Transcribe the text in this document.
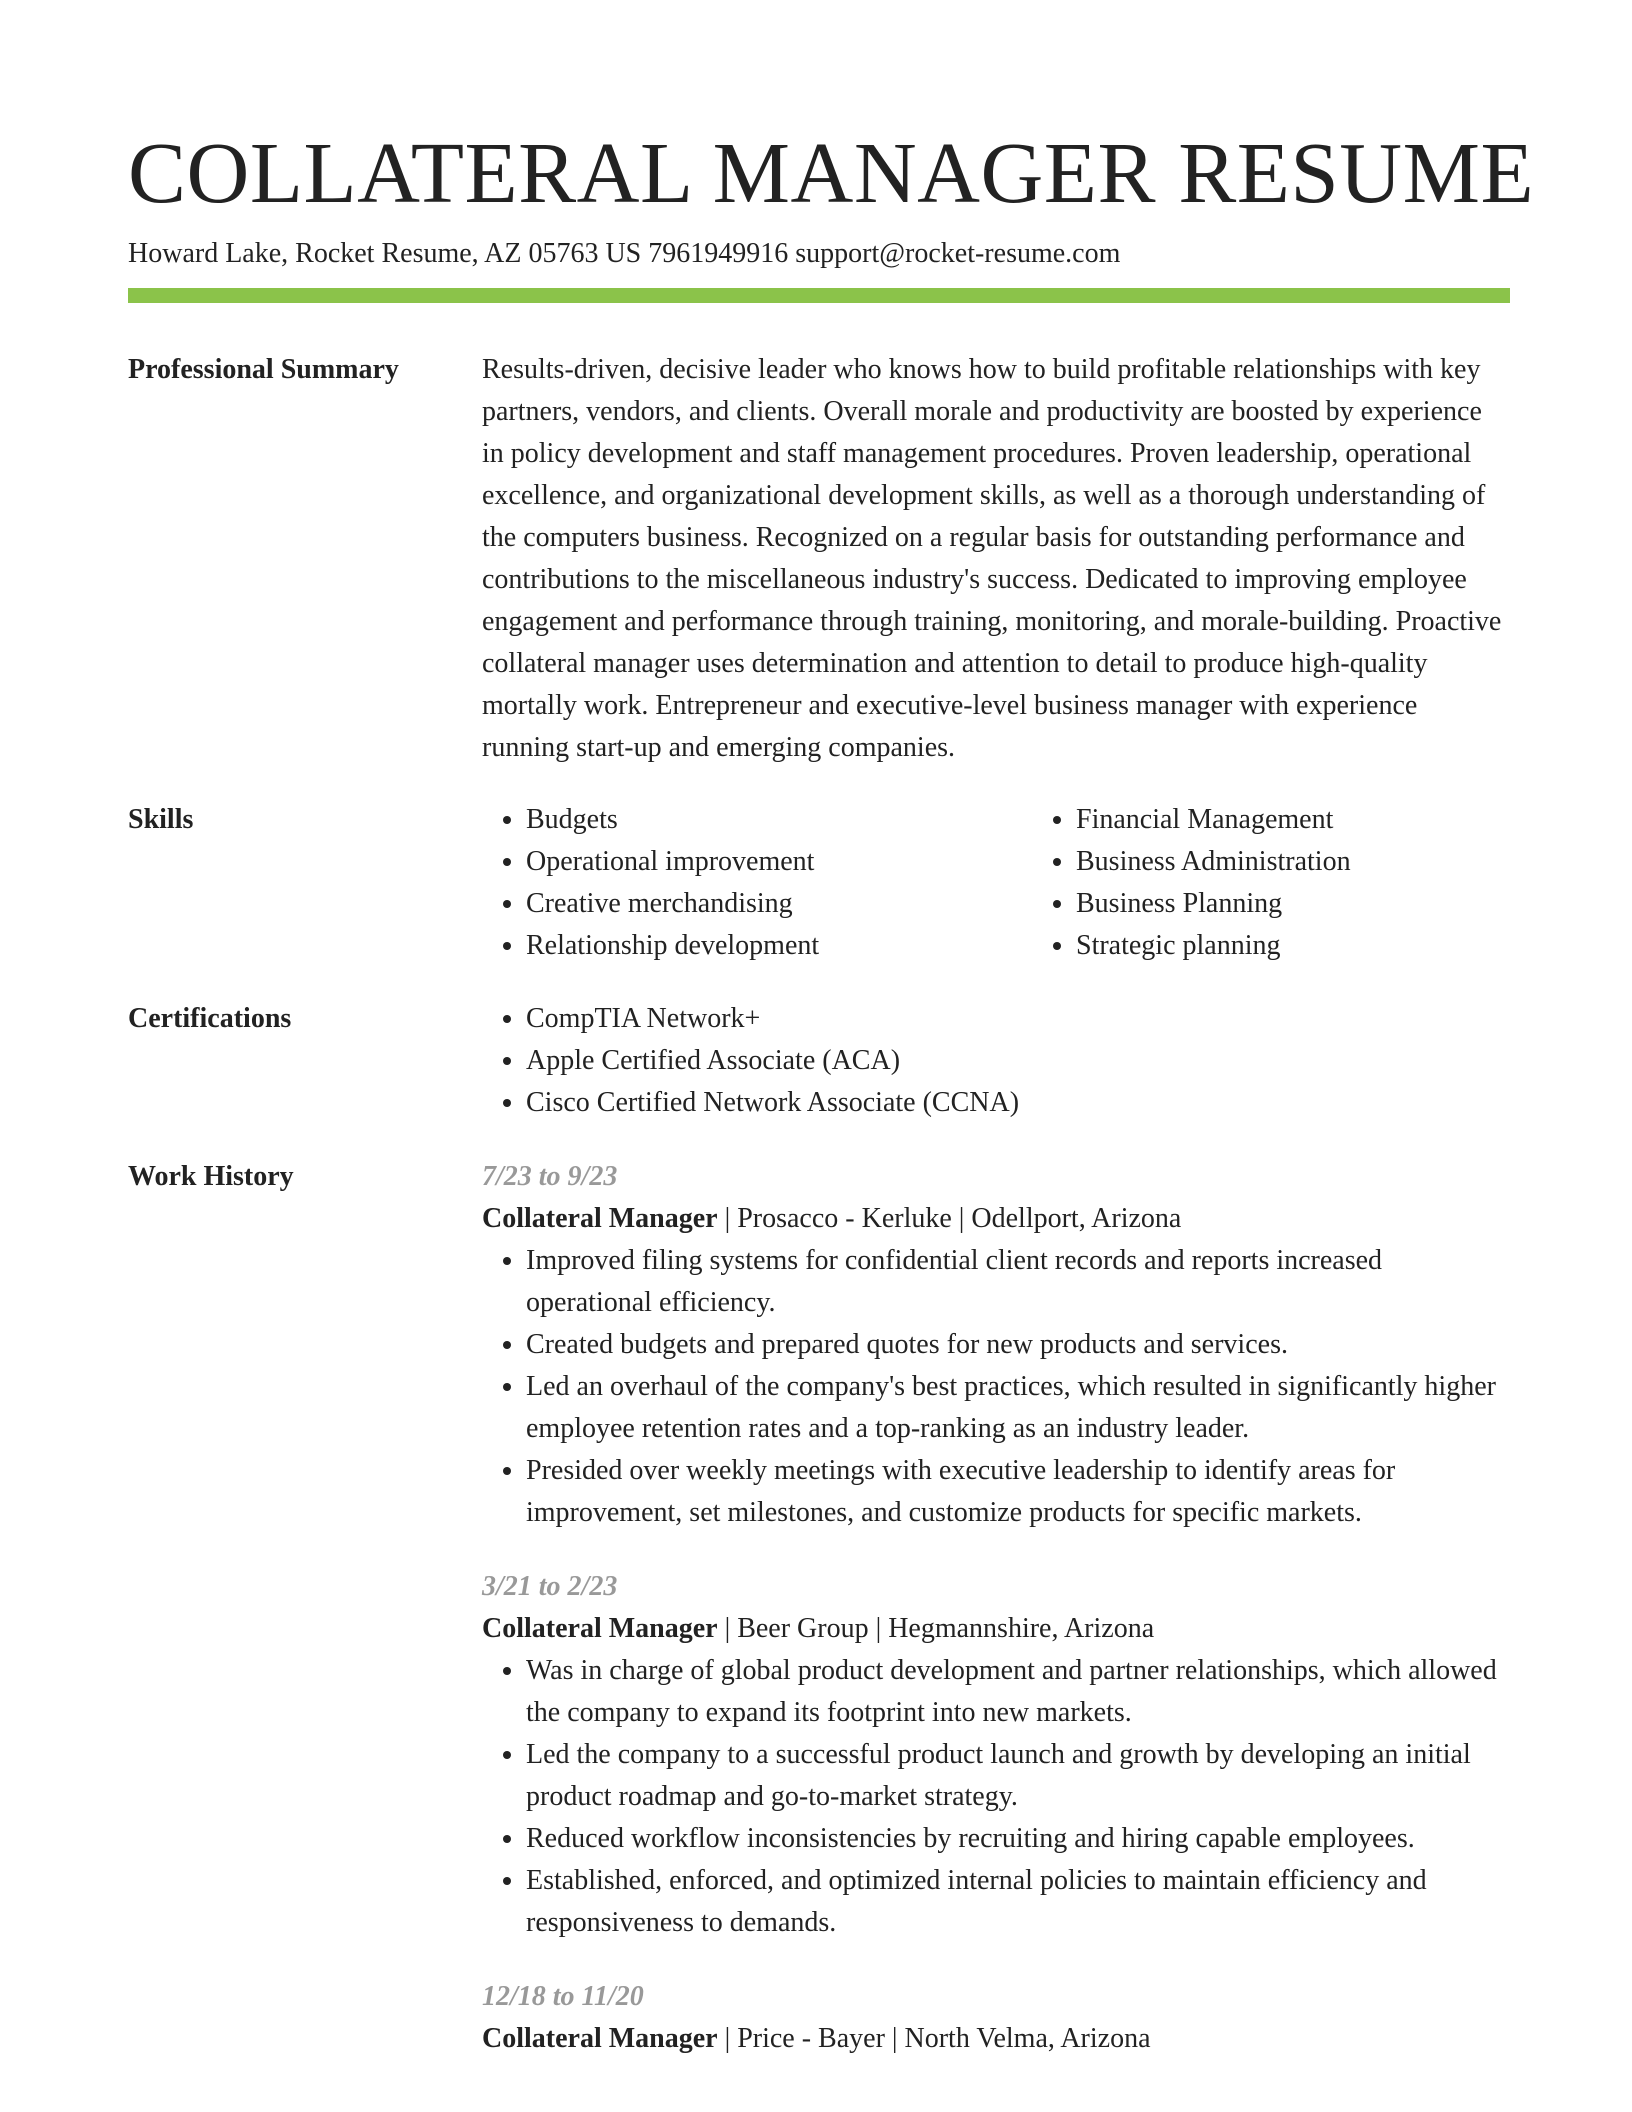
COLLATERAL MANAGER RESUME
Howard Lake, Rocket Resume, AZ 05763 US 7961949916 support@rocket-resume.com
Professional Summary	Results-driven, decisive leader who knows how to build profitable relationships with key partners, vendors, and clients. Overall morale and productivity are boosted by experience in policy development and staff management procedures. Proven leadership, operational excellence, and organizational development skills, as well as a thorough understanding of the computers business. Recognized on a regular basis for outstanding performance and contributions to the miscellaneous industry's success. Dedicated to improving employee engagement and performance through training, monitoring, and morale-building. Proactive collateral manager uses determination and attention to detail to produce high-quality mortally work. Entrepreneur and executive-level business manager with experience running start-up and emerging companies.

Skills	• Budgets
• Operational improvement
• Creative merchandising
• Relationship development
• Financial Management
• Business Administration
• Business Planning
• Strategic planning
Certifications	• CompTIA Network+
• Apple Certified Associate (ACA)
• Cisco Certified Network Associate (CCNA)
Work History	7/23 to 9/23
Collateral Manager | Prosacco - Kerluke | Odellport, Arizona
• Improved filing systems for confidential client records and reports increased operational efficiency.
• Created budgets and prepared quotes for new products and services.
• Led an overhaul of the company's best practices, which resulted in significantly higher employee retention rates and a top-ranking as an industry leader.
• Presided over weekly meetings with executive leadership to identify areas for improvement, set milestones, and customize products for specific markets.
3/21 to 2/23
Collateral Manager | Beer Group | Hegmannshire, Arizona
• Was in charge of global product development and partner relationships, which allowed the company to expand its footprint into new markets.
• Led the company to a successful product launch and growth by developing an initial product roadmap and go-to-market strategy.
• Reduced workflow inconsistencies by recruiting and hiring capable employees.
• Established, enforced, and optimized internal policies to maintain efficiency and responsiveness to demands.
12/18 to 11/20
Collateral Manager | Price - Bayer | North Velma, Arizona
